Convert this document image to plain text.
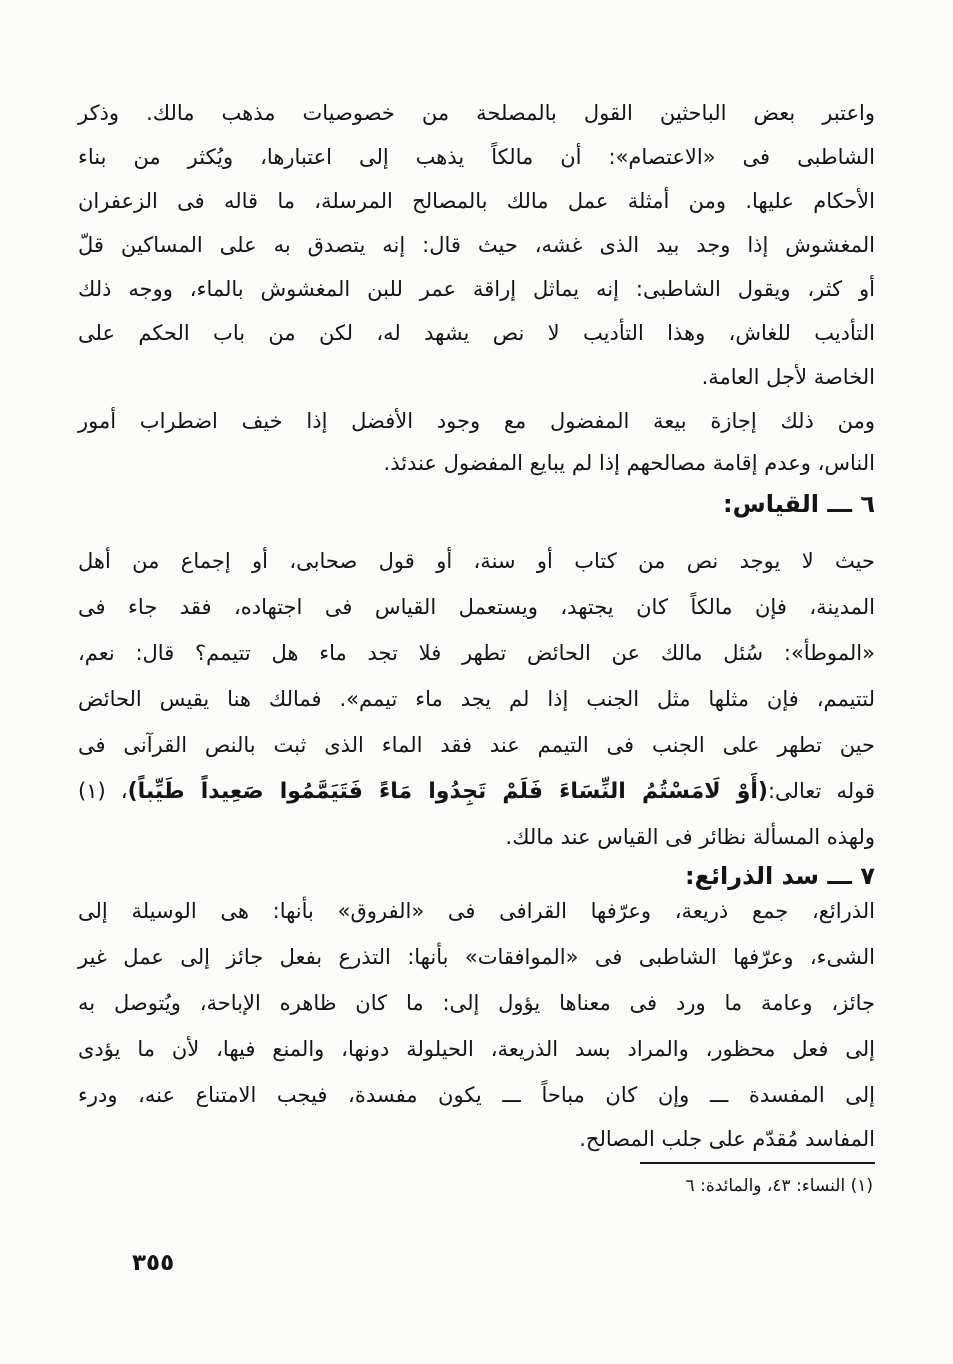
واعتبر بعض الباحثين القول بالمصلحة من خصوصيات مذهب مالك. وذكر
الشاطبى فى «الاعتصام»: أن مالكاً يذهب إلى اعتبارها، ويُكثر من بناء
الأحكام عليها. ومن أمثلة عمل مالك بالمصالح المرسلة، ما قاله فى الزعفران
المغشوش إذا وجد بيد الذى غشه، حيث قال: إنه يتصدق به على المساكين قلّ
أو كثر، ويقول الشاطبى: إنه يماثل إراقة عمر للبن المغشوش بالماء، ووجه ذلك
التأديب للغاش، وهذا التأديب لا نص يشهد له، لكن من باب الحكم على
الخاصة لأجل العامة.
ومن ذلك إجازة بيعة المفضول مع وجود الأفضل إذا خيف اضطراب أمور
الناس، وعدم إقامة مصالحهم إذا لم يبايع المفضول عندئذ.
٦ ـــ القياس:
حيث لا يوجد نص من كتاب أو سنة، أو قول صحابى، أو إجماع من أهل
المدينة، فإن مالكاً كان يجتهد، ويستعمل القياس فى اجتهاده، فقد جاء فى
«الموطأ»: سُئل مالك عن الحائض تطهر فلا تجد ماء هل تتيمم؟ قال: نعم،
لتتيمم، فإن مثلها مثل الجنب إذا لم يجد ماء تيمم». فمالك هنا يقيس الحائض
حين تطهر على الجنب فى التيمم عند فقد الماء الذى ثبت بالنص القرآنى فى
قوله تعالى:(أَوْ لَامَسْتُمُ النِّسَاءَ فَلَمْ تَجِدُوا مَاءً فَتَيَمَّمُوا صَعِيداً طَيِّباً)، (١)
ولهذه المسألة نظائر فى القياس عند مالك.
٧ ـــ سد الذرائع:
الذرائع، جمع ذريعة، وعرّفها القرافى فى «الفروق» بأنها: هى الوسيلة إلى
الشىء، وعرّفها الشاطبى فى «الموافقات» بأنها: التذرع بفعل جائز إلى عمل غير
جائز، وعامة ما ورد فى معناها يؤول إلى: ما كان ظاهره الإباحة، ويُتوصل به
إلى فعل محظور، والمراد بسد الذريعة، الحيلولة دونها، والمنع فيها، لأن ما يؤدى
إلى المفسدة ـــ وإن كان مباحاً ـــ يكون مفسدة، فيجب الامتناع عنه، ودرء
المفاسد مُقدّم على جلب المصالح.
(١) النساء: ٤٣، والمائدة: ٦
٣٥٥
